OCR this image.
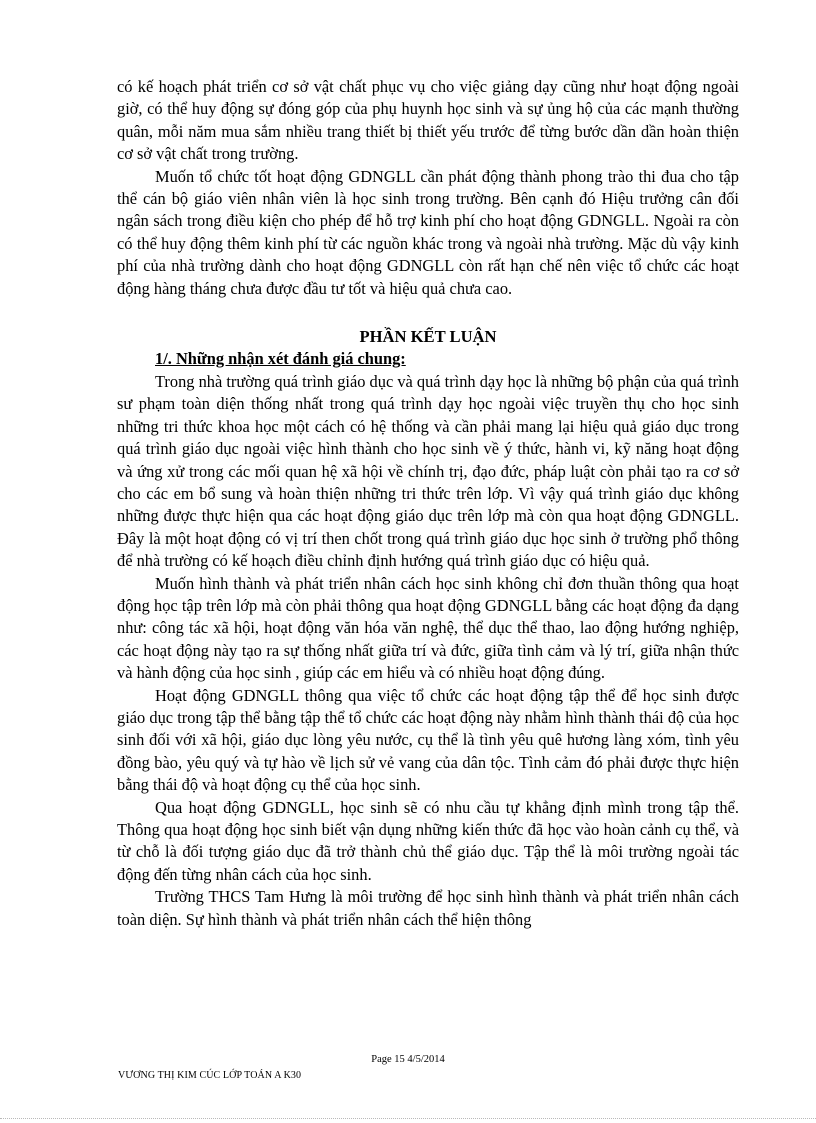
có kế hoạch phát triển cơ sở vật chất phục vụ cho việc giảng dạy cũng như hoạt động ngoài giờ, có thể huy động sự đóng góp của phụ huynh học sinh và sự ủng hộ của các mạnh thường quân, mỗi năm mua sắm nhiều trang thiết bị thiết yếu trước để từng bước dần dần hoàn thiện cơ sở vật chất trong trường.

Muốn tổ chức tốt hoạt động GDNGLL cần phát động thành phong trào thi đua cho tập thể cán bộ giáo viên nhân viên là học sinh trong trường. Bên cạnh đó Hiệu trưởng cân đối ngân sách trong điều kiện cho phép để hỗ trợ kinh phí cho hoạt động GDNGLL. Ngoài ra còn có thể huy động thêm kinh phí từ các nguồn khác trong và ngoài nhà trường. Mặc dù vậy kinh phí của nhà trường dành cho hoạt động GDNGLL còn rất hạn chế nên việc tổ chức các hoạt động hàng tháng chưa được đầu tư tốt và hiệu quả chưa cao.

PHẦN KẾT LUẬN
1/. Những nhận xét đánh giá chung:

Trong nhà trường quá trình giáo dục và quá trình dạy học là những bộ phận của quá trình sư phạm toàn diện thống nhất trong quá trình dạy học ngoài việc truyền thụ cho học sinh những tri thức khoa học một cách có hệ thống và cần phải mang lại hiệu quả giáo dục trong quá trình giáo dục ngoài việc hình thành cho học sinh về ý thức, hành vi, kỹ năng hoạt động và ứng xử trong các mối quan hệ xã hội về chính trị, đạo đức, pháp luật còn phải tạo ra cơ sở cho các em bổ sung và hoàn thiện những tri thức trên lớp. Vì vậy quá trình giáo dục không những được thực hiện qua các hoạt động giáo dục trên lớp mà còn qua hoạt động GDNGLL. Đây là một hoạt động có vị trí then chốt trong quá trình giáo dục học sinh ở trường phổ thông để nhà trường có kế hoạch điều chỉnh định hướng quá trình giáo dục có hiệu quả.

Muốn hình thành và phát triển nhân cách học sinh không chỉ đơn thuần thông qua hoạt động học tập trên lớp mà còn phải thông qua hoạt động GDNGLL bằng các hoạt động đa dạng như: công tác xã hội, hoạt động văn hóa văn nghệ, thể dục thể thao, lao động hướng nghiệp, các hoạt động này tạo ra sự thống nhất giữa trí và đức, giữa tình cảm và lý trí, giữa nhận thức và hành động của học sinh , giúp các em hiểu và có nhiều hoạt động đúng.

Hoạt động GDNGLL thông qua việc tổ chức các hoạt động tập thể để học sinh được giáo dục trong tập thể bằng tập thể tổ chức các hoạt động này nhằm hình thành thái độ của học sinh đối với xã hội, giáo dục lòng yêu nước, cụ thể là tình yêu quê hương làng xóm, tình yêu đồng bào, yêu quý và tự hào về lịch sử vẻ vang của dân tộc. Tình cảm đó phải được thực hiện bằng thái độ và hoạt động cụ thể của học sinh.

Qua hoạt động GDNGLL, học sinh sẽ có nhu cầu tự khẳng định mình trong tập thể. Thông qua hoạt động học sinh biết vận dụng những kiến thức đã học vào hoàn cảnh cụ thể, và từ chỗ là đối tượng giáo dục đã trở thành chủ thể giáo dục. Tập thể là môi trường ngoài tác động đến từng nhân cách của học sinh.

Trường THCS Tam Hưng là môi trường để học sinh hình thành và phát triển nhân cách toàn diện. Sự hình thành và phát triển nhân cách thể hiện thông

Page 15 4/5/2014
VƯƠNG THỊ KIM CÚC LỚP TOÁN A K30
